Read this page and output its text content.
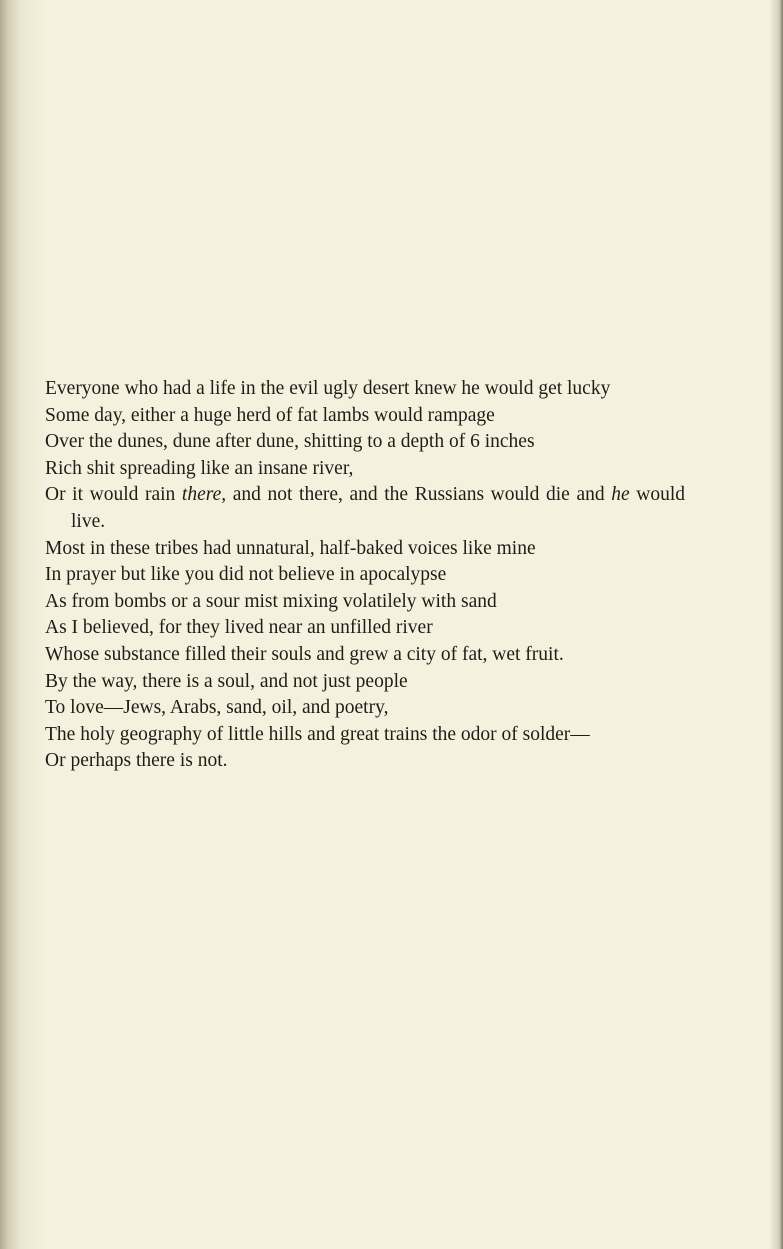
Everyone who had a life in the evil ugly desert knew he would get lucky
Some day, either a huge herd of fat lambs would rampage
Over the dunes, dune after dune, shitting to a depth of 6 inches
Rich shit spreading like an insane river,
Or it would rain there, and not there, and the Russians would die and he would live.
Most in these tribes had unnatural, half-baked voices like mine
In prayer but like you did not believe in apocalypse
As from bombs or a sour mist mixing volatilely with sand
As I believed, for they lived near an unfilled river
Whose substance filled their souls and grew a city of fat, wet fruit.
By the way, there is a soul, and not just people
To love—Jews, Arabs, sand, oil, and poetry,
The holy geography of little hills and great trains the odor of solder—
Or perhaps there is not.
